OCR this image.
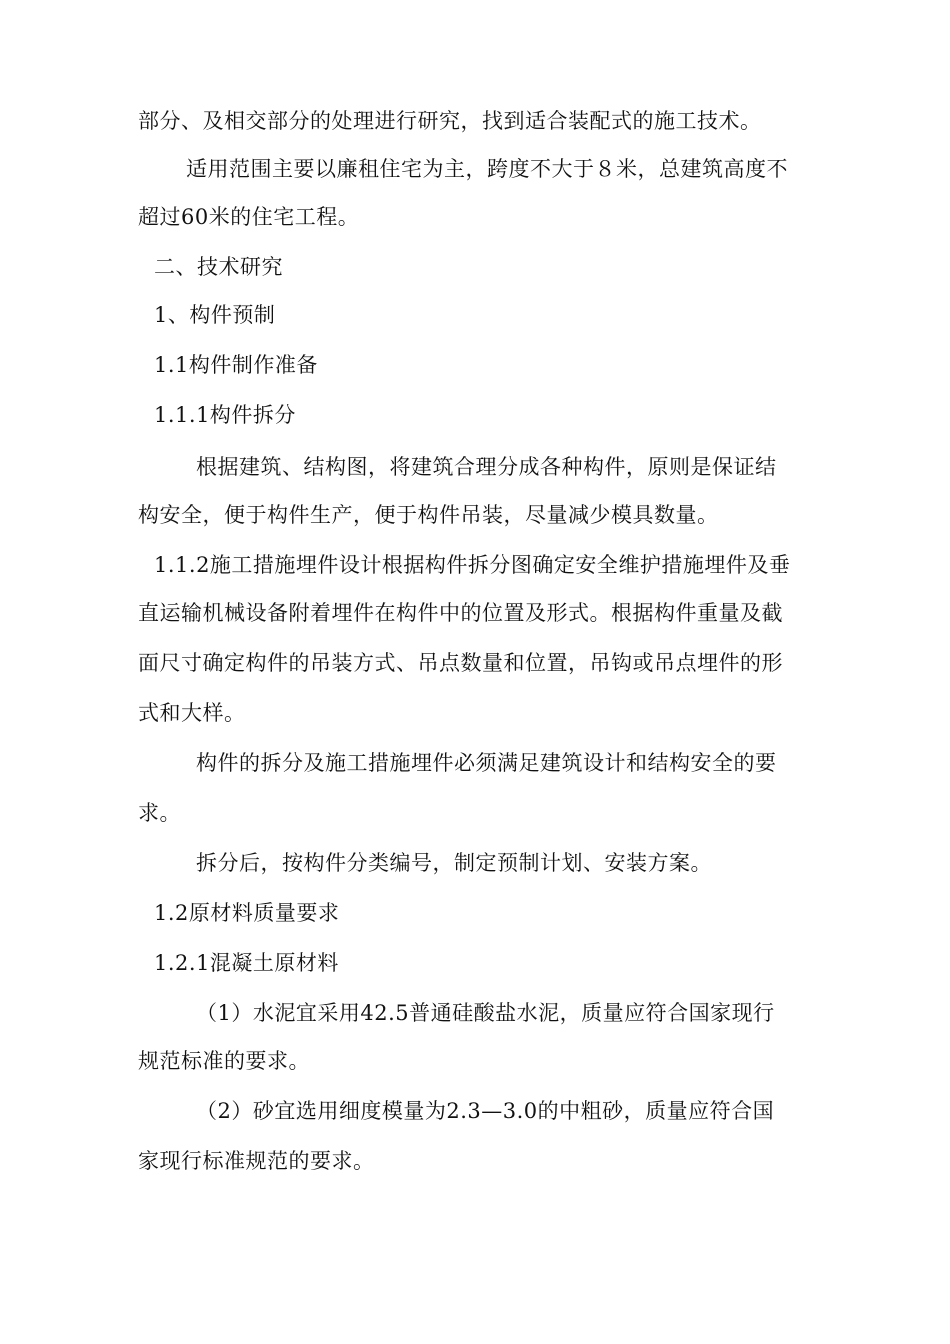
部分、及相交部分的处理进行研究，找到适合装配式的施工技术。
适用范围主要以廉租住宅为主，跨度不大于８米，总建筑高度不
超过60米的住宅工程。
二、技术研究
1、构件预制
1.1构件制作准备
1.1.1构件拆分
根据建筑、结构图，将建筑合理分成各种构件，原则是保证结
构安全，便于构件生产，便于构件吊装，尽量减少模具数量。
1.1.2施工措施埋件设计根据构件拆分图确定安全维护措施埋件及垂
直运输机械设备附着埋件在构件中的位置及形式。根据构件重量及截
面尺寸确定构件的吊装方式、吊点数量和位置，吊钩或吊点埋件的形
式和大样。
构件的拆分及施工措施埋件必须满足建筑设计和结构安全的要
求。
拆分后，按构件分类编号，制定预制计划、安装方案。
1.2原材料质量要求
1.2.1混凝土原材料
（1）水泥宜采用42.5普通硅酸盐水泥，质量应符合国家现行
规范标准的要求。
（2）砂宜选用细度模量为2.3—3.0的中粗砂，质量应符合国
家现行标准规范的要求。
